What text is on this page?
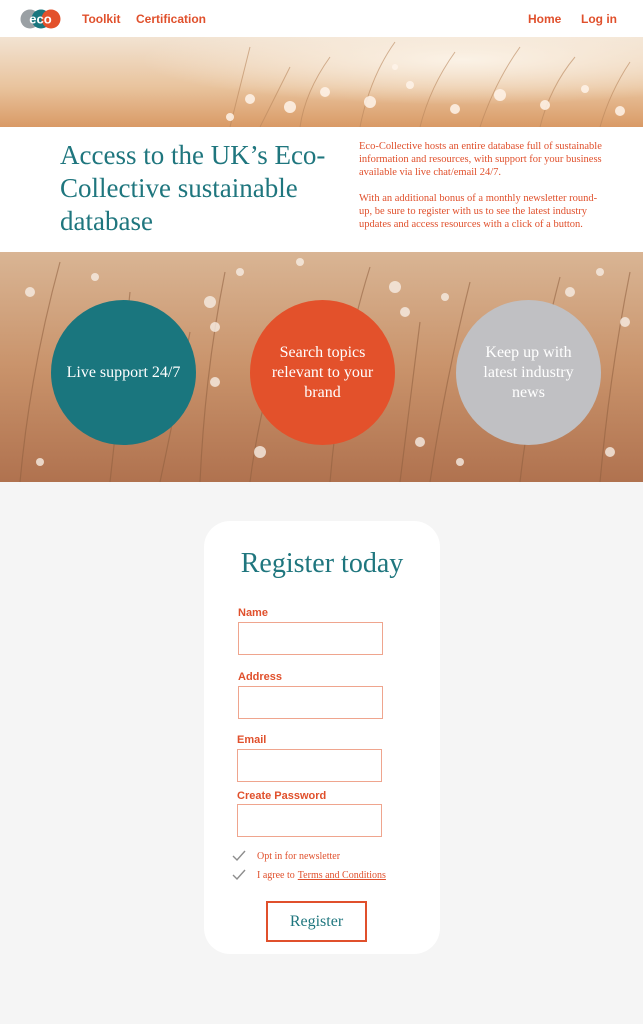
eco	Toolkit Certification	Home Log in
Access to the UK’s Eco-Collective sustainable database

Eco-Collective hosts an entire database full of sustainable information and resources, with support for your business available via live chat/email 24/7.

With an additional bonus of a monthly newsletter round-up, be sure to register with us to see the latest industry updates and access resources with a click of a button.

Live support 24/7
Search topics relevant to your brand
Keep up with latest industry news
Register today
Name
Address
Email
Create Password
Opt in for newsletter
I agree to Terms and Conditions
Register
